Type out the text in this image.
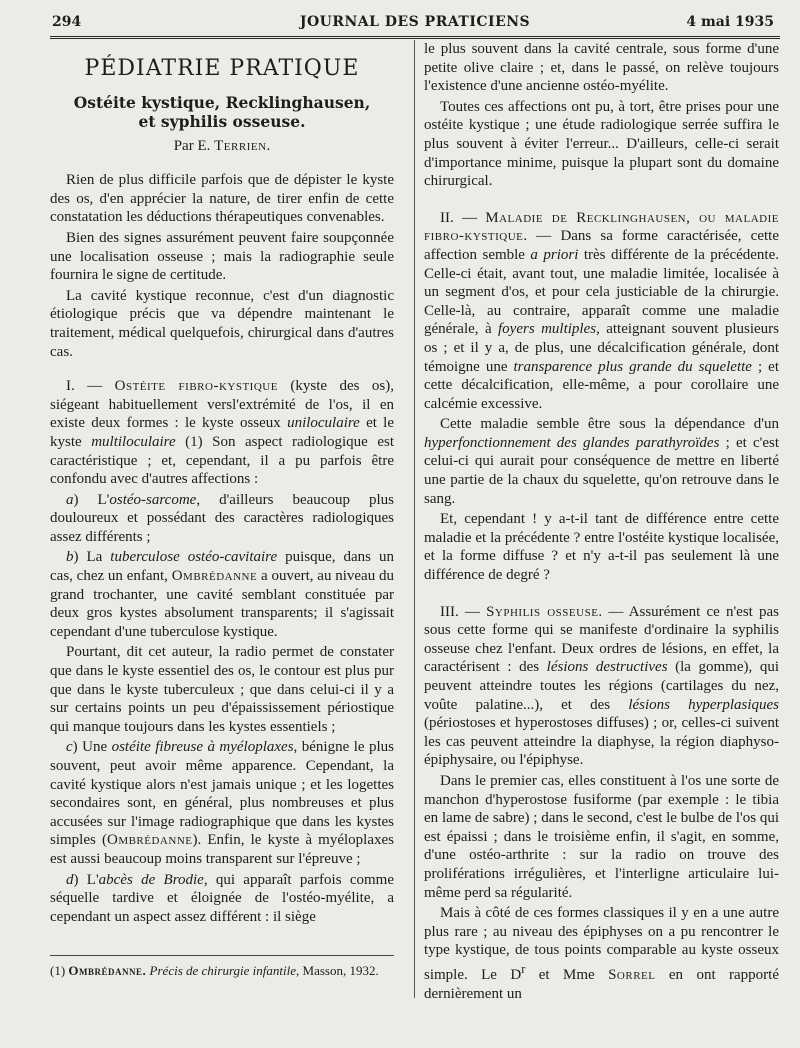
294	JOURNAL DES PRATICIENS	4 mai 1935
PÉDIATRIE PRATIQUE
Ostéite kystique, Recklinghausen,
et syphilis osseuse.
Par E. Terrien.

Rien de plus difficile parfois que de dépister le kyste des os, d'en apprécier la nature, de tirer enfin de cette constatation les déductions thérapeutiques convenables.

Bien des signes assurément peuvent faire soupçonnée une localisation osseuse ; mais la radiographie seule fournira le signe de certitude.

La cavité kystique reconnue, c'est d'un diagnostic étiologique précis que va dépendre maintenant le traitement, médical quelquefois, chirurgical dans d'autres cas.

I. — Ostéite fibro-kystique (kyste des os), siégeant habituellement versl'extrémité de l'os, il en existe deux formes : le kyste osseux uniloculaire et le kyste multiloculaire (1) Son aspect radiologique est caractéristique ; et, cependant, il a pu parfois être confondu avec d'autres affections :

a) L'ostéo-sarcome, d'ailleurs beaucoup plus douloureux et possédant des caractères radiologiques assez différents ;

b) La tuberculose ostéo-cavitaire puisque, dans un cas, chez un enfant, Ombrédanne a ouvert, au niveau du grand trochanter, une cavité semblant constituée par deux gros kystes absolument transparents; il s'agissait cependant d'une tuberculose kystique.

Pourtant, dit cet auteur, la radio permet de constater que dans le kyste essentiel des os, le contour est plus pur que dans le kyste tuberculeux ; que dans celui-ci il y a sur certains points un peu d'épaississement périostique qui manque toujours dans les kystes essentiels ;

c) Une ostéite fibreuse à myéloplaxes, bénigne le plus souvent, peut avoir même apparence. Cependant, la cavité kystique alors n'est jamais unique ; et les logettes secondaires sont, en général, plus nombreuses et plus accusées sur l'image radiographique que dans les kystes simples (Ombrédanne). Enfin, le kyste à myéloplaxes est aussi beaucoup moins transparent sur l'épreuve ;

d) L'abcès de Brodie, qui apparaît parfois comme séquelle tardive et éloignée de l'ostéo-myélite, a cependant un aspect assez différent : il siège

(1) Ombrédanne. Précis de chirurgie infantile, Masson, 1932.

le plus souvent dans la cavité centrale, sous forme d'une petite olive claire ; et, dans le passé, on relève toujours l'existence d'une ancienne ostéo-myélite.

Toutes ces affections ont pu, à tort, être prises pour une ostéite kystique ; une étude radiologique serrée suffira le plus souvent à éviter l'erreur... D'ailleurs, celle-ci serait d'importance minime, puisque la plupart sont du domaine chirurgical.

II. — Maladie de Recklinghausen, ou maladie fibro-kystique. — Dans sa forme caractérisée, cette affection semble a priori très différente de la précédente. Celle-ci était, avant tout, une maladie limitée, localisée à un segment d'os, et pour cela justiciable de la chirurgie. Celle-là, au contraire, apparaît comme une maladie générale, à foyers multiples, atteignant souvent plusieurs os ; et il y a, de plus, une décalcification générale, dont témoigne une transparence plus grande du squelette ; et cette décalcification, elle-même, a pour corollaire une calcémie excessive.

Cette maladie semble être sous la dépendance d'un hyperfonctionnement des glandes parathyroïdes ; et c'est celui-ci qui aurait pour conséquence de mettre en liberté une partie de la chaux du squelette, qu'on retrouve dans le sang.

Et, cependant ! y a-t-il tant de différence entre cette maladie et la précédente ? entre l'ostéite kystique localisée, et la forme diffuse ? et n'y a-t-il pas seulement là une différence de degré ?

III. — Syphilis osseuse. — Assurément ce n'est pas sous cette forme qui se manifeste d'ordinaire la syphilis osseuse chez l'enfant. Deux ordres de lésions, en effet, la caractérisent : des lésions destructives (la gomme), qui peuvent atteindre toutes les régions (cartilages du nez, voûte palatine...), et des lésions hyperplasiques (périostoses et hyperostoses diffuses) ; or, celles-ci suivent les cas peuvent atteindre la diaphyse, la région diaphyso-épiphysaire, ou l'épiphyse.

Dans le premier cas, elles constituent à l'os une sorte de manchon d'hyperostose fusiforme (par exemple : le tibia en lame de sabre) ; dans le second, c'est le bulbe de l'os qui est épaissi ; dans le troisième enfin, il s'agit, en somme, d'une ostéo-arthrite : sur la radio on trouve des proliférations irrégulières, et l'interligne articulaire lui-même perd sa régularité.

Mais à côté de ces formes classiques il y en a une autre plus rare ; au niveau des épiphyses on a pu rencontrer le type kystique, de tous points comparable au kyste osseux simple. Le $D^r$ et Mme Sorrel en ont rapporté dernièrement un
